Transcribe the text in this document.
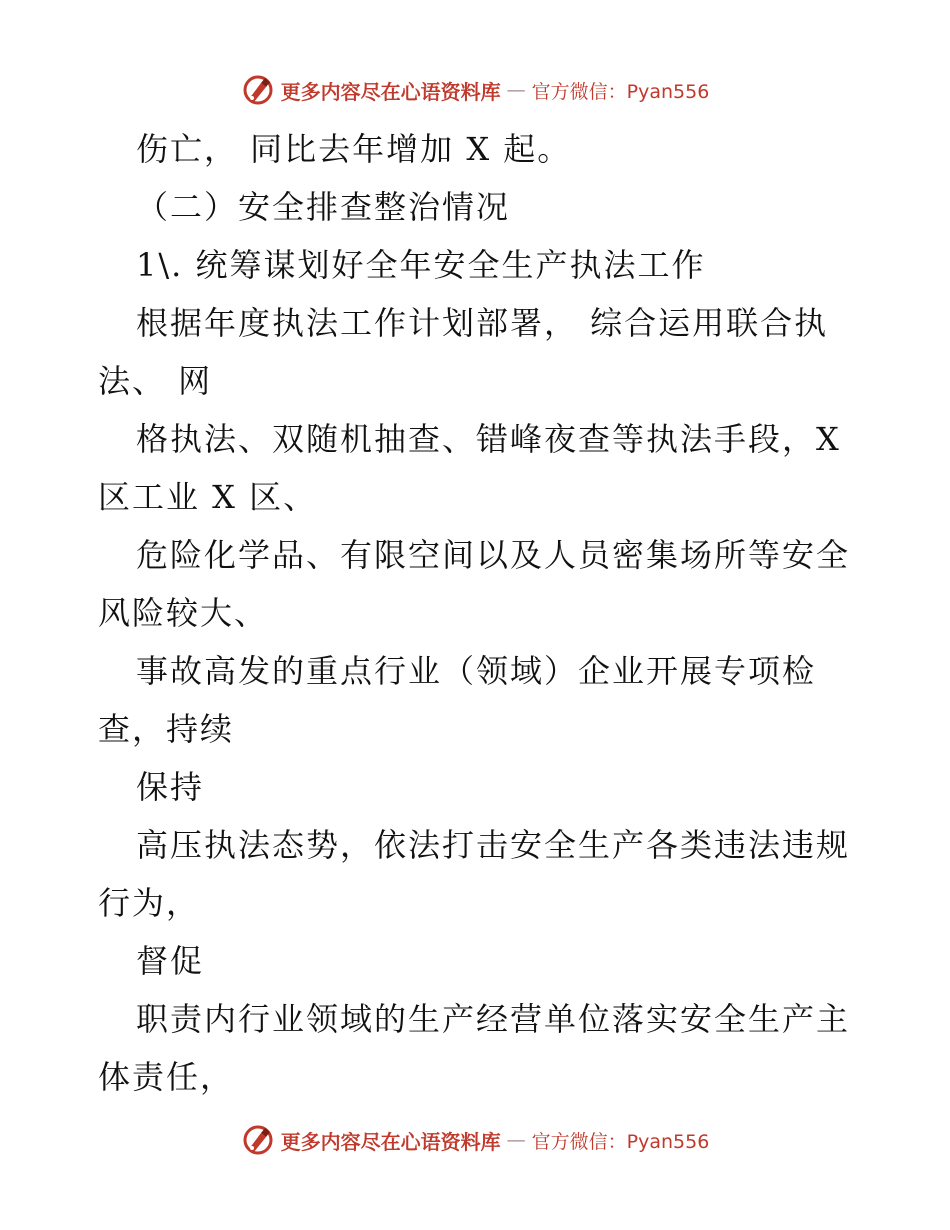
更多内容尽在心语资料库 — 官方微信：Pyan556
伤亡， 同比去年增加 X 起。
（二）安全排查整治情况
1\. 统筹谋划好全年安全生产执法工作
根据年度执法工作计划部署， 综合运用联合执
法、 网
格执法、双随机抽查、错峰夜查等执法手段，X
区工业 X 区、
危险化学品、有限空间以及人员密集场所等安全
风险较大、
事故高发的重点行业（领域）企业开展专项检
查，持续
保持
高压执法态势，依法打击安全生产各类违法违规
行为，
督促
职责内行业领域的生产经营单位落实安全生产主
体责任，
更多内容尽在心语资料库 — 官方微信：Pyan556
